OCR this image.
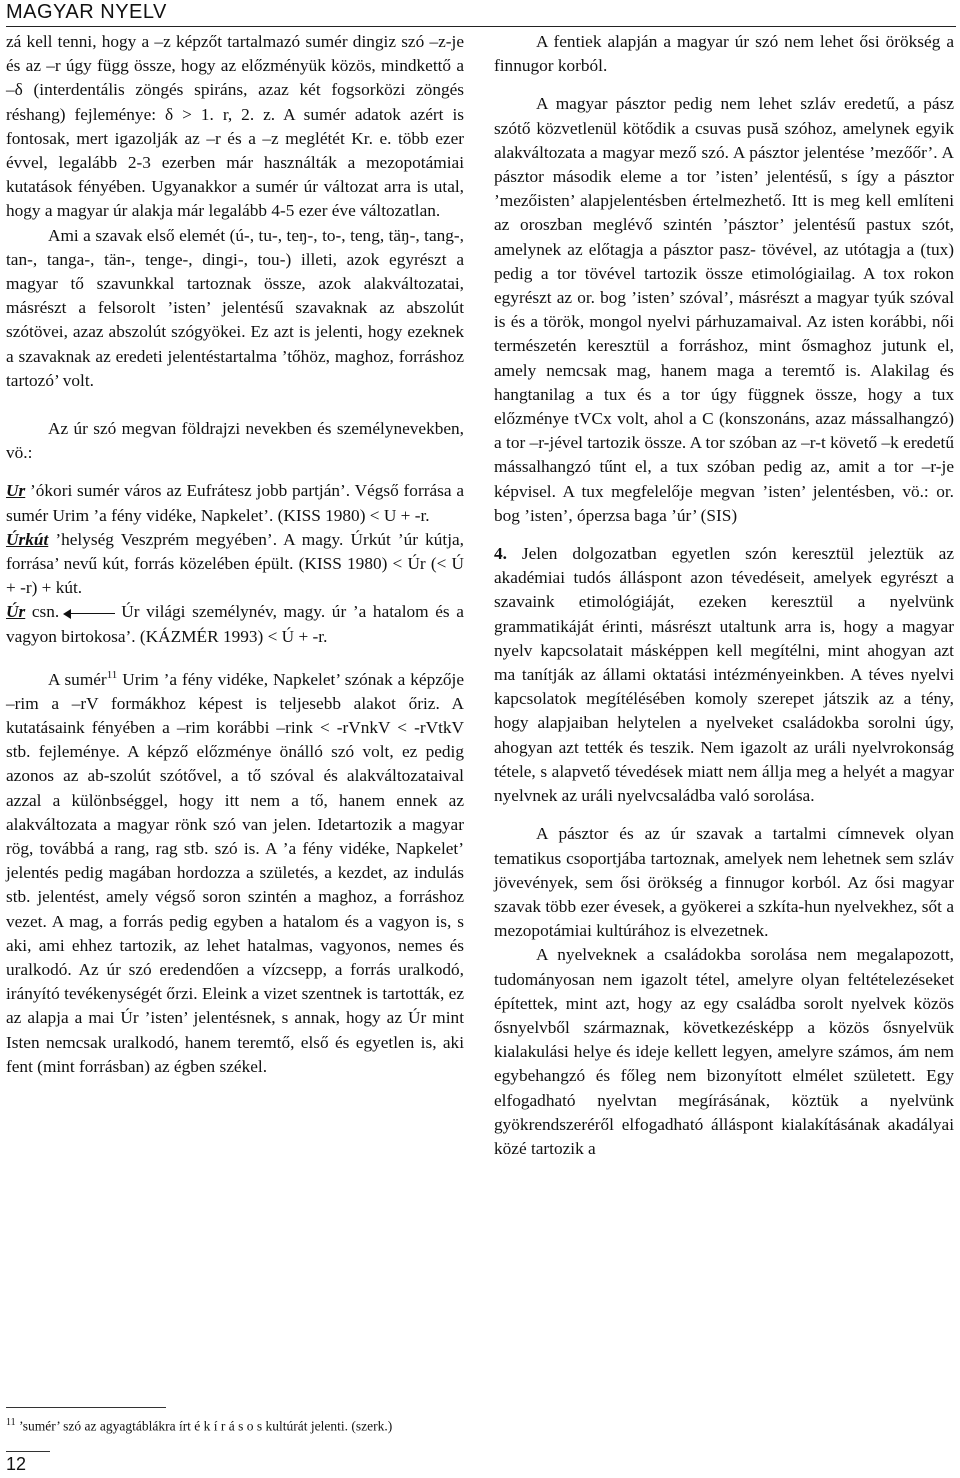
MAGYAR NYELV

zá kell tenni, hogy a –z képzőt tartalmazó sumér dingiz szó –z-je és az –r úgy függ össze, hogy az előzményük közös, mindkettő a –δ (interdentális zöngés spiráns, azaz két fogsorközi zöngés réshang) fejleménye: δ > 1. r, 2. z. A sumér adatok azért is fontosak, mert igazolják az –r és a –z meglétét Kr. e. több ezer évvel, legalább 2-3 ezerben már használták a mezopotámiai kutatások fényében. Ugyanakkor a sumér úr változat arra is utal, hogy a magyar úr alakja már legalább 4-5 ezer éve változatlan.

Ami a szavak első elemét (ú-, tu-, teŋ-, to-, teng, täŋ-, tang-, tan-, tanga-, tän-, tenge-, dingi-, tou-) illeti, azok egyrészt a magyar tő szavunkkal tartoznak össze, azok alakváltozatai, másrészt a felsorolt ’isten’ jelentésű szavaknak az abszolút szótövei, azaz abszolút szógyökei. Ez azt is jelenti, hogy ezeknek a szavaknak az eredeti jelentéstartalma ’tőhöz, maghoz, forráshoz tartozó’ volt.

Az úr szó megvan földrajzi nevekben és személynevekben, vö.:

Ur ’ókori sumér város az Eufrátesz jobb partján’. Végső forrása a sumér Urim ’a fény vidéke, Napkelet’. (KISS 1980) < U + -r.

Úrkút ’helység Veszprém megyében’. A magy. Úrkút ’úr kútja, forrása’ nevű kút, forrás közelében épült. (KISS 1980) < Úr (< Ú + -r) + kút.

Úr csn.	Úr világi személynév, magy. úr ’a hatalom és a vagyon birtokosa’. (KÁZMÉR 1993) < Ú + -r.

A sumér$^{11}$ Urim ’a fény vidéke, Napkelet’ szónak a képzője –rim a –rV formákhoz képest is teljesebb alakot őriz. A kutatásaink fényében a –rim korábbi –rink < -rVnkV < -rVtkV stb. fejleménye. A képző előzménye önálló szó volt, ez pedig azonos az ab-szolút szótővel, a tő szóval és alakváltozataival azzal a különbséggel, hogy itt nem a tő, hanem ennek az alakváltozata a magyar rönk szó van jelen. Idetartozik a magyar rög, továbbá a rang, rag stb. szó is. A ’a fény vidéke, Napkelet’ jelentés pedig magában hordozza a születés, a kezdet, az indulás stb. jelentést, amely végső soron szintén a maghoz, a forráshoz vezet. A mag, a forrás pedig egyben a hatalom és a vagyon is, s aki, ami ehhez tartozik, az lehet hatalmas, vagyonos, nemes és uralkodó. Az úr szó eredendően a vízcsepp, a forrás uralkodó, irányító tevékenységét őrzi. Eleink a vizet szentnek is tartották, ez az alapja a mai Úr ’isten’ jelentésnek, s annak, hogy az Úr mint Isten nemcsak uralkodó, hanem teremtő, első és egyetlen is, aki fent (mint forrásban) az égben székel.

A fentiek alapján a magyar úr szó nem lehet ősi örökség a finnugor korból.

A magyar pásztor pedig nem lehet szláv eredetű, a pász szótő közvetlenül kötődik a csuvas pusă szóhoz, amelynek egyik alakváltozata a magyar mező szó. A pásztor jelentése ’mezőőr’. A pásztor második eleme a tor ’isten’ jelentésű, s így a pásztor ’mezőisten’ alapjelentésben értelmezhető. Itt is meg kell említeni az oroszban meglévő szintén ’pásztor’ jelentésű pastux szót, amelynek az előtagja a pásztor pasz- tövével, az utótagja a (tux) pedig a tor tövével tartozik össze etimológiailag. A tox rokon egyrészt az or. bog ’isten’ szóval’, másrészt a magyar tyúk szóval is és a török, mongol nyelvi párhuzamaival. Az isten korábbi, női természetén keresztül a forráshoz, mint ősmaghoz jutunk el, amely nemcsak mag, hanem maga a teremtő is. Alakilag és hangtanilag a tux és a tor úgy függnek össze, hogy a tux előzménye tVCx volt, ahol a C (konszonáns, azaz mássalhangzó) a tor –r-jével tartozik össze. A tor szóban az –r-t követő –k eredetű mássalhangzó tűnt el, a tux szóban pedig az, amit a tor –r-je képvisel. A tux megfelelője megvan ’isten’ jelentésben, vö.: or. bog ’isten’, óperzsa baga ’úr’ (SIS)

4. Jelen dolgozatban egyetlen szón keresztül jeleztük az akadémiai tudós álláspont azon tévedéseit, amelyek egyrészt a szavaink etimológiáját, ezeken keresztül a nyelvünk grammatikáját érinti, másrészt utaltunk arra is, hogy a magyar nyelv kapcsolatait másképpen kell megítélni, mint ahogyan azt ma tanítják az állami oktatási intézményeinkben. A téves nyelvi kapcsolatok megítélésében komoly szerepet játszik az a tény, hogy alapjaiban helytelen a nyelveket családokba sorolni úgy, ahogyan azt tették és teszik. Nem igazolt az uráli nyelvrokonság tétele, s alapvető tévedések miatt nem állja meg a helyét a magyar nyelvnek az uráli nyelvcsaládba való sorolása.

A pásztor és az úr szavak a tartalmi címnevek olyan tematikus csoportjába tartoznak, amelyek nem lehetnek sem szláv jövevények, sem ősi örökség a finnugor korból. Az ősi magyar szavak több ezer évesek, a gyökerei a szkíta-hun nyelvekhez, sőt a mezopotámiai kultúrához is elvezetnek.

A nyelveknek a családokba sorolása nem megalapozott, tudományosan nem igazolt tétel, amelyre olyan feltételezéseket építettek, mint azt, hogy az egy családba sorolt nyelvek közös ősnyelvből származnak, következésképp a közös ősnyelvük kialakulási helye és ideje kellett legyen, amelyre számos, ám nem egybehangzó és főleg nem bizonyított elmélet született. Egy elfogadható nyelvtan megírásának, köztük a nyelvünk gyökrendszeréről elfogadható álláspont kialakításának akadályai közé tartozik a

$^{11}$ ’sumér’ szó az agyagtáblákra írt é k í r á s o s kultúrát jelenti. (szerk.)
12
